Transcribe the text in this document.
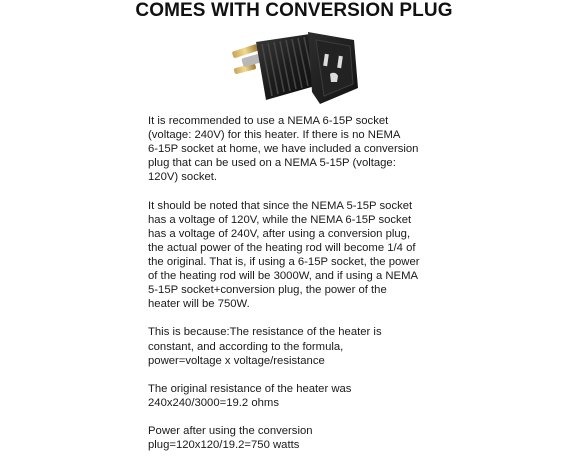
COMES WITH CONVERSION PLUG

It is recommended to use a NEMA 6-15P socket
(voltage: 240V) for this heater. If there is no NEMA
6-15P socket at home, we have included a conversion
plug that can be used on a NEMA 5-15P (voltage:
120V) socket.

It should be noted that since the NEMA 5-15P socket
has a voltage of 120V, while the NEMA 6-15P socket
has a voltage of 240V, after using a conversion plug,
the actual power of the heating rod will become 1/4 of
the original. That is, if using a 6-15P socket, the power
of the heating rod will be 3000W, and if using a NEMA
5-15P socket+conversion plug, the power of the
heater will be 750W.

This is because:The resistance of the heater is
constant, and according to the formula,
power=voltage x voltage/resistance

The original resistance of the heater was
240x240/3000=19.2 ohms

Power after using the conversion
plug=120x120/19.2=750 watts
